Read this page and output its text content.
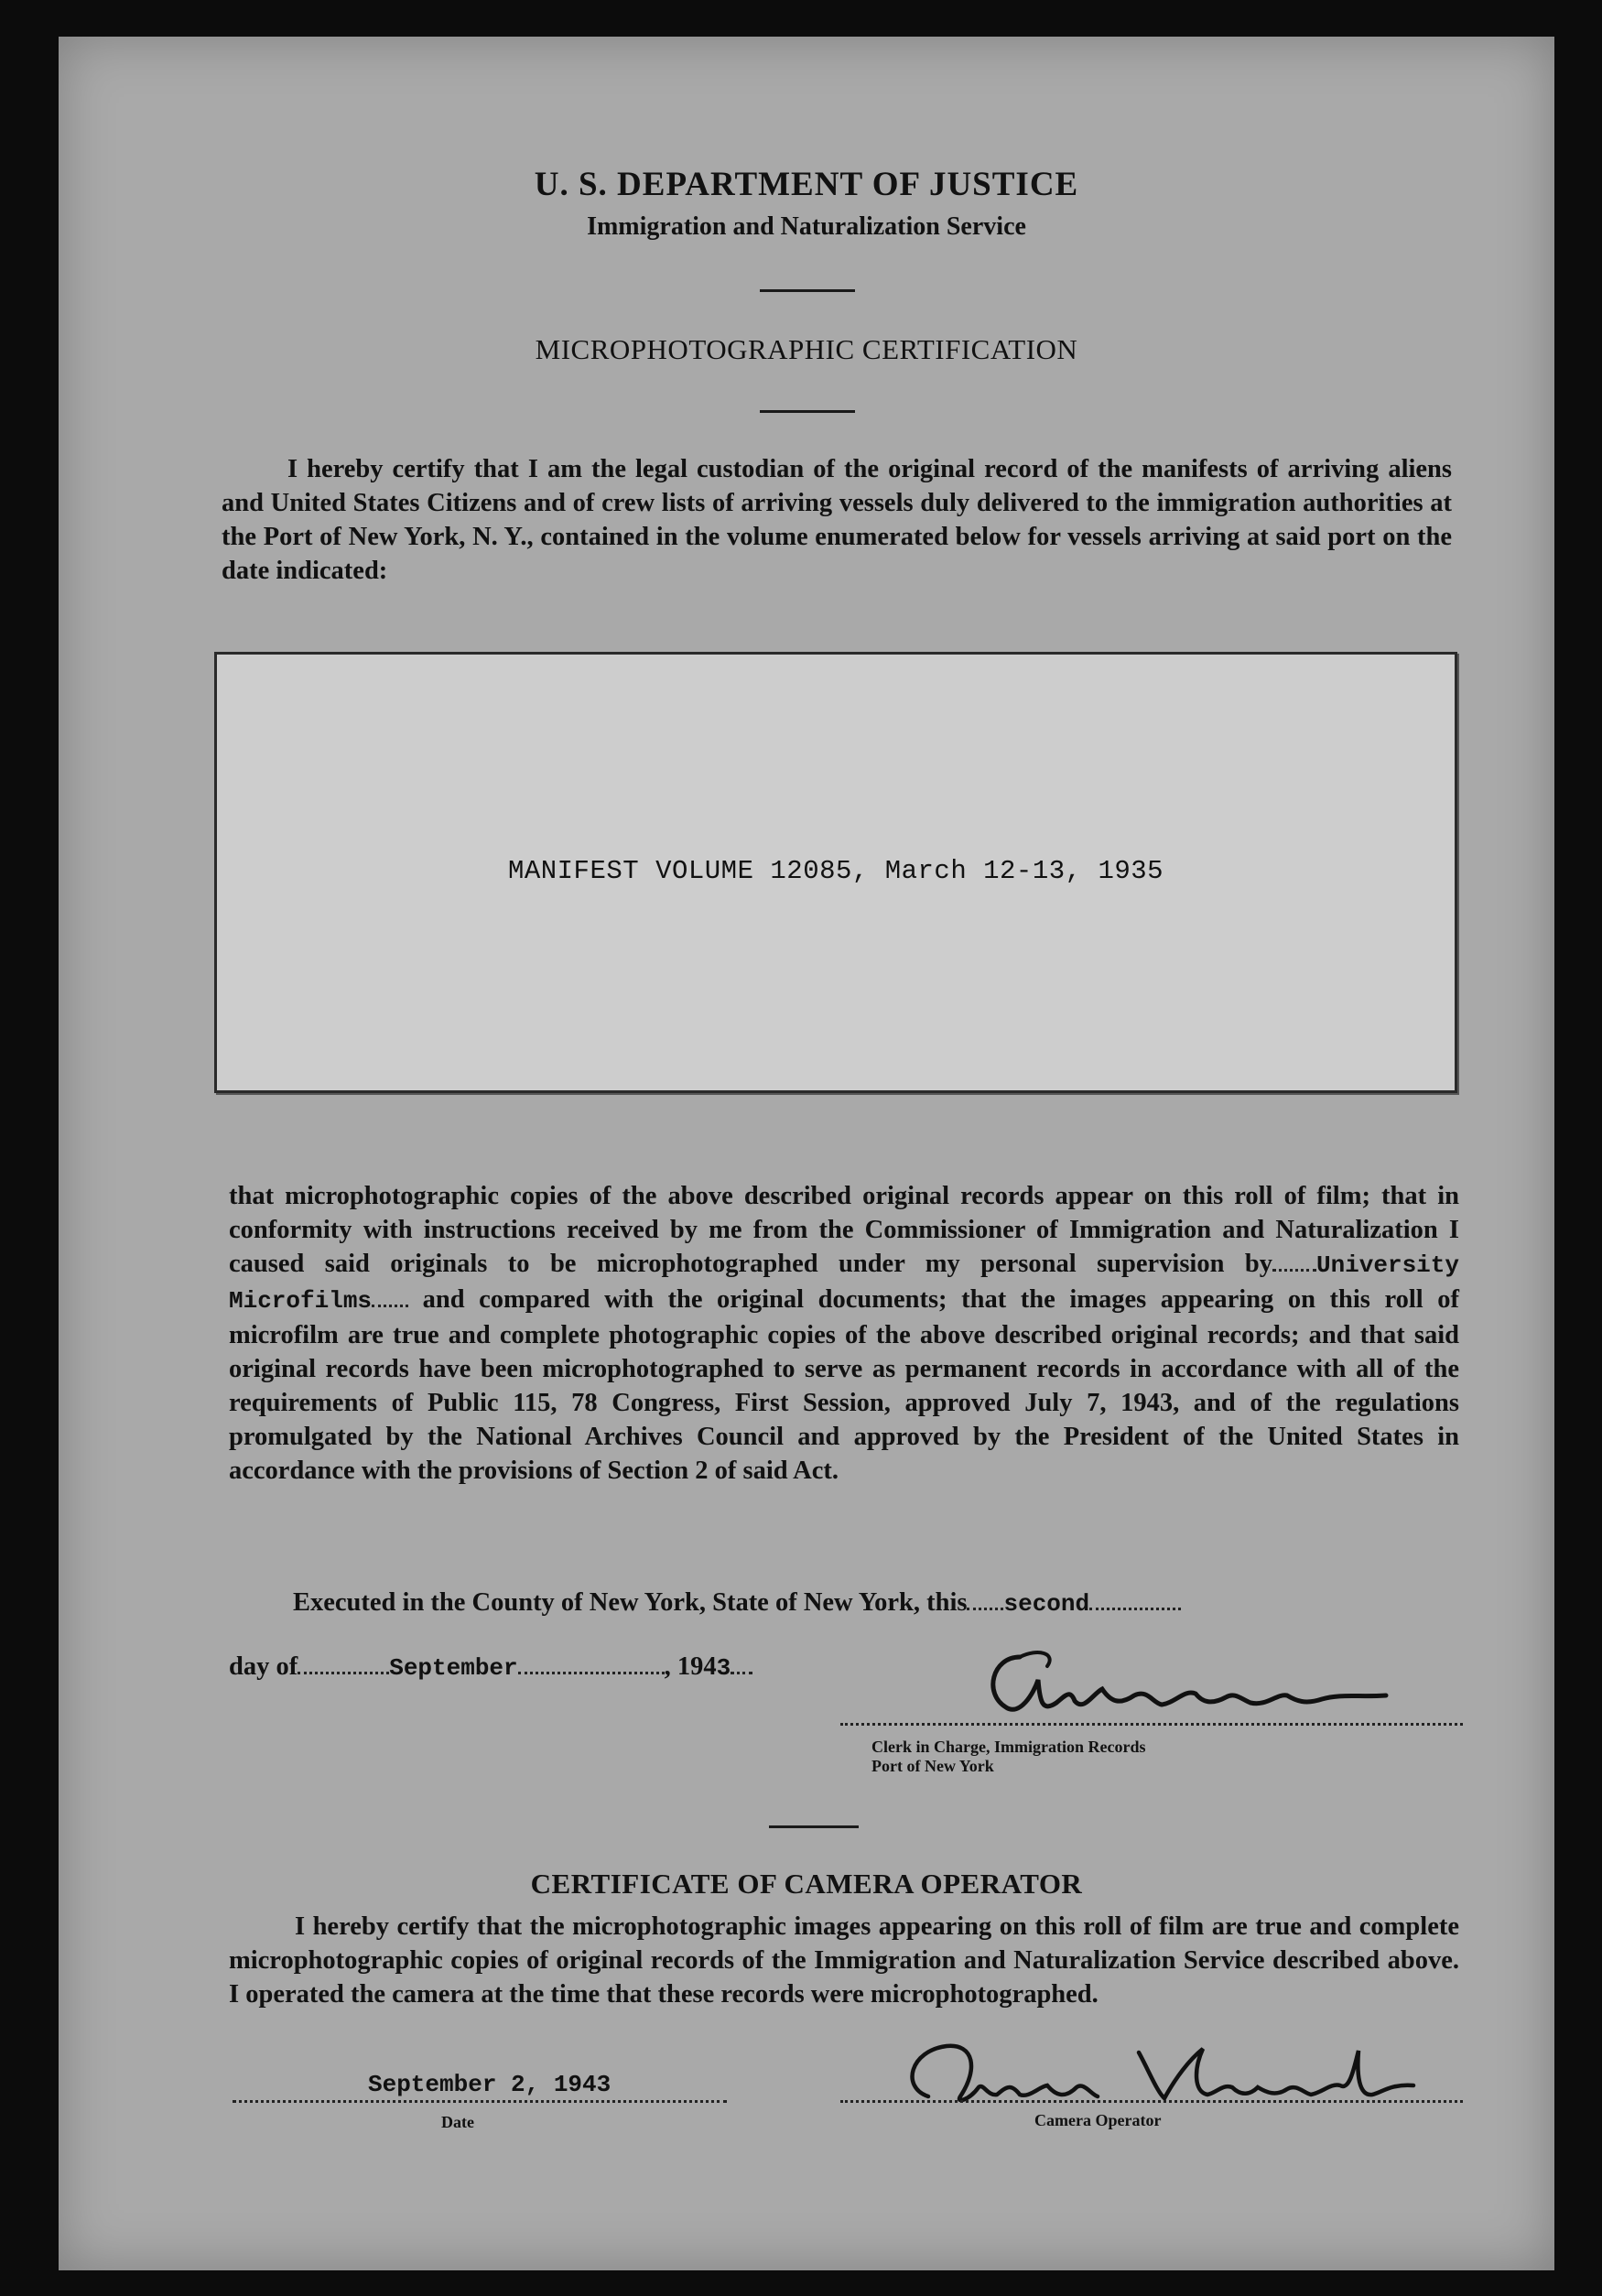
U. S. DEPARTMENT OF JUSTICE
Immigration and Naturalization Service
MICROPHOTOGRAPHIC CERTIFICATION

I hereby certify that I am the legal custodian of the original record of the manifests of arriving aliens and United States Citizens and of crew lists of arriving vessels duly delivered to the immigration authorities at the Port of New York, N. Y., contained in the volume enumerated below for vessels arriving at said port on the date indicated:

MANIFEST VOLUME 12085, March 12-13, 1935

that microphotographic copies of the above described original records appear on this roll of film; that in conformity with instructions received by me from the Commissioner of Immigration and Naturalization I caused said originals to be microphotographed under my personal supervision by University Microfilms and compared with the original documents; that the images appearing on this roll of microfilm are true and complete photographic copies of the above described original records; and that said original records have been microphotographed to serve as permanent records in accordance with all of the requirements of Public 115, 78 Congress, First Session, approved July 7, 1943, and of the regulations promulgated by the National Archives Council and approved by the President of the United States in accordance with the provisions of Section 2 of said Act.

Executed in the County of New York, State of New York, this second
day of	September	, 1943
Clerk in Charge, Immigration Records
Port of New York
CERTIFICATE OF CAMERA OPERATOR

I hereby certify that the microphotographic images appearing on this roll of film are true and complete microphotographic copies of original records of the Immigration and Naturalization Service described above. I operated the camera at the time that these records were microphotographed.

September 2, 1943
Date	Camera Operator
